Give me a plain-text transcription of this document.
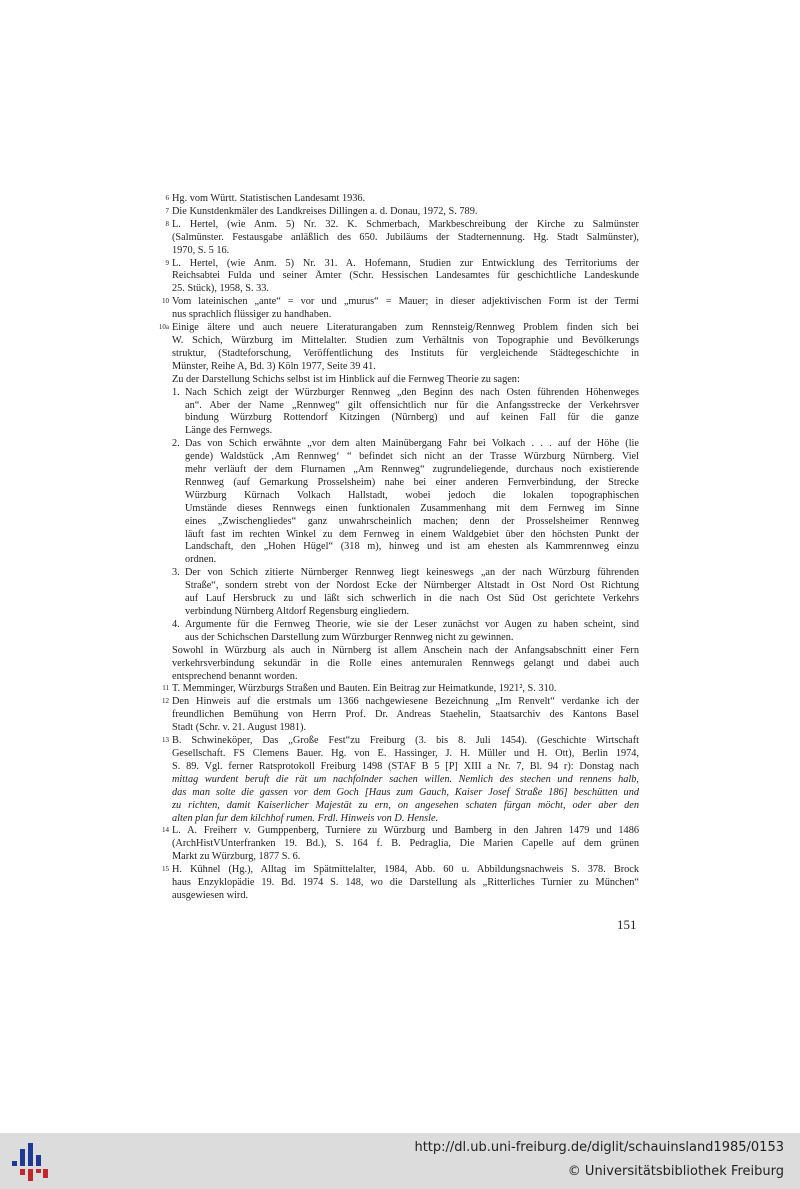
6 Hg. vom Württ. Statistischen Landesamt 1936.
7 Die Kunstdenkmäler des Landkreises Dillingen a. d. Donau, 1972, S. 789.
8 L. Hertel, (wie Anm. 5) Nr. 32. K. Schmerbach, Markbeschreibung der Kirche zu Salmünster
(Salmünster. Festausgabe anläßlich des 650. Jubiläums der Stadternennung. Hg. Stadt Salmünster),
1970, S. 5 16.
9 L. Hertel, (wie Anm. 5) Nr. 31. A. Hofemann, Studien zur Entwicklung des Territoriums der
Reichsabtei Fulda und seiner Ämter (Schr. Hessischen Landesamtes für geschichtliche Landeskunde
25. Stück), 1958, S. 33.
10 Vom lateinischen „ante“ = vor und „murus“ = Mauer; in dieser adjektivischen Form ist der Termi
nus sprachlich flüssiger zu handhaben.
10a Einige ältere und auch neuere Literaturangaben zum Rennsteig/Rennweg Problem finden sich bei
W. Schich, Würzburg im Mittelalter. Studien zum Verhältnis von Topographie und Bevölkerungs
struktur, (Stadteforschung, Veröffentlichung des Instituts für vergleichende Städtegeschichte in
Münster, Reihe A, Bd. 3) Köln 1977, Seite 39 41.
Zu der Darstellung Schichs selbst ist im Hinblick auf die Fernweg Theorie zu sagen:
1. Nach Schich zeigt der Würzburger Rennweg „den Beginn des nach Osten führenden Höhenweges
an“. Aber der Name „Rennweg“ gilt offensichtlich nur für die Anfangsstrecke der Verkehrsver
bindung Würzburg Rottendorf Kitzingen (Nürnberg) und auf keinen Fall für die ganze
Länge des Fernwegs.
2. Das von Schich erwähnte „vor dem alten Mainübergang Fahr bei Volkach . . . auf der Höhe (lie
gende) Waldstück ‚Am Rennweg‘ “ befindet sich nicht an der Trasse Würzburg Nürnberg. Viel
mehr verläuft der dem Flurnamen „Am Rennweg“ zugrundeliegende, durchaus noch existierende
Rennweg (auf Gemarkung Prosselsheim) nahe bei einer anderen Fernverbindung, der Strecke
Würzburg Kürnach Volkach Hallstadt, wobei jedoch die lokalen topographischen
Umstände dieses Rennwegs einen funktionalen Zusammenhang mit dem Fernweg im Sinne
eines „Zwischengliedes“ ganz unwahrscheinlich machen; denn der Prosselsheimer Rennweg
läuft fast im rechten Winkel zu dem Fernweg in einem Waldgebiet über den höchsten Punkt der
Landschaft, den „Hohen Hügel“ (318 m), hinweg und ist am ehesten als Kammrennweg einzu
ordnen.
3. Der von Schich zitierte Nürnberger Rennweg liegt keineswegs „an der nach Würzburg führenden
Straße“, sondern strebt von der Nordost Ecke der Nürnberger Altstadt in Ost Nord Ost Richtung
auf Lauf Hersbruck zu und läßt sich schwerlich in die nach Ost Süd Ost gerichtete Verkehrs
verbindung Nürnberg Altdorf Regensburg eingliedern.
4. Argumente für die Fernweg Theorie, wie sie der Leser zunächst vor Augen zu haben scheint, sind
aus der Schichschen Darstellung zum Würzburger Rennweg nicht zu gewinnen.
Sowohl in Würzburg als auch in Nürnberg ist allem Anschein nach der Anfangsabschnitt einer Fern
verkehrsverbindung sekundär in die Rolle eines antemuralen Rennwegs gelangt und dabei auch
entsprechend benannt worden.
11 T. Memminger, Würzburgs Straßen und Bauten. Ein Beitrag zur Heimatkunde, 1921², S. 310.
12 Den Hinweis auf die erstmals um 1366 nachgewiesene Bezeichnung „Im Renvelt“ verdanke ich der
freundlichen Bemühung von Herrn Prof. Dr. Andreas Staehelin, Staatsarchiv des Kantons Basel
Stadt (Schr. v. 21. August 1981).
13 B. Schwineköper, Das „Große Fest“zu Freiburg (3. bis 8. Juli 1454). (Geschichte Wirtschaft
Gesellschaft. FS Clemens Bauer. Hg. von E. Hassinger, J. H. Müller und H. Ott), Berlin 1974,
S. 89. Vgl. ferner Ratsprotokoll Freiburg 1498 (STAF B 5 [P] XIII a Nr. 7, Bl. 94 r): Donstag nach
mittag wurdent beruft die rät um nachfolnder sachen willen. Nemlich des stechen und rennens halb,
das man solte die gassen vor dem Goch [Haus zum Gauch, Kaiser Josef Straße 186] beschütten und
zu richten, damit Kaiserlicher Majestät zu ern, on angesehen schaten fürgan möcht, oder aber den
alten plan fur dem kilchhof rumen. Frdl. Hinweis von D. Hensle.
14 L. A. Freiherr v. Gumppenberg, Turniere zu Würzburg und Bamberg in den Jahren 1479 und 1486
(ArchHistVUnterfranken 19. Bd.), S. 164 f. B. Pedraglia, Die Marien Capelle auf dem grünen
Markt zu Würzburg, 1877 S. 6.
15 H. Kühnel (Hg.), Alltag im Spätmittelalter, 1984, Abb. 60 u. Abbildungsnachweis S. 378. Brock
haus Enzyklopädie 19. Bd. 1974 S. 148, wo die Darstellung als „Ritterliches Turnier zu München“
ausgewiesen wird.
151
http://dl.ub.uni-freiburg.de/diglit/schauinsland1985/0153
© Universitätsbibliothek Freiburg
